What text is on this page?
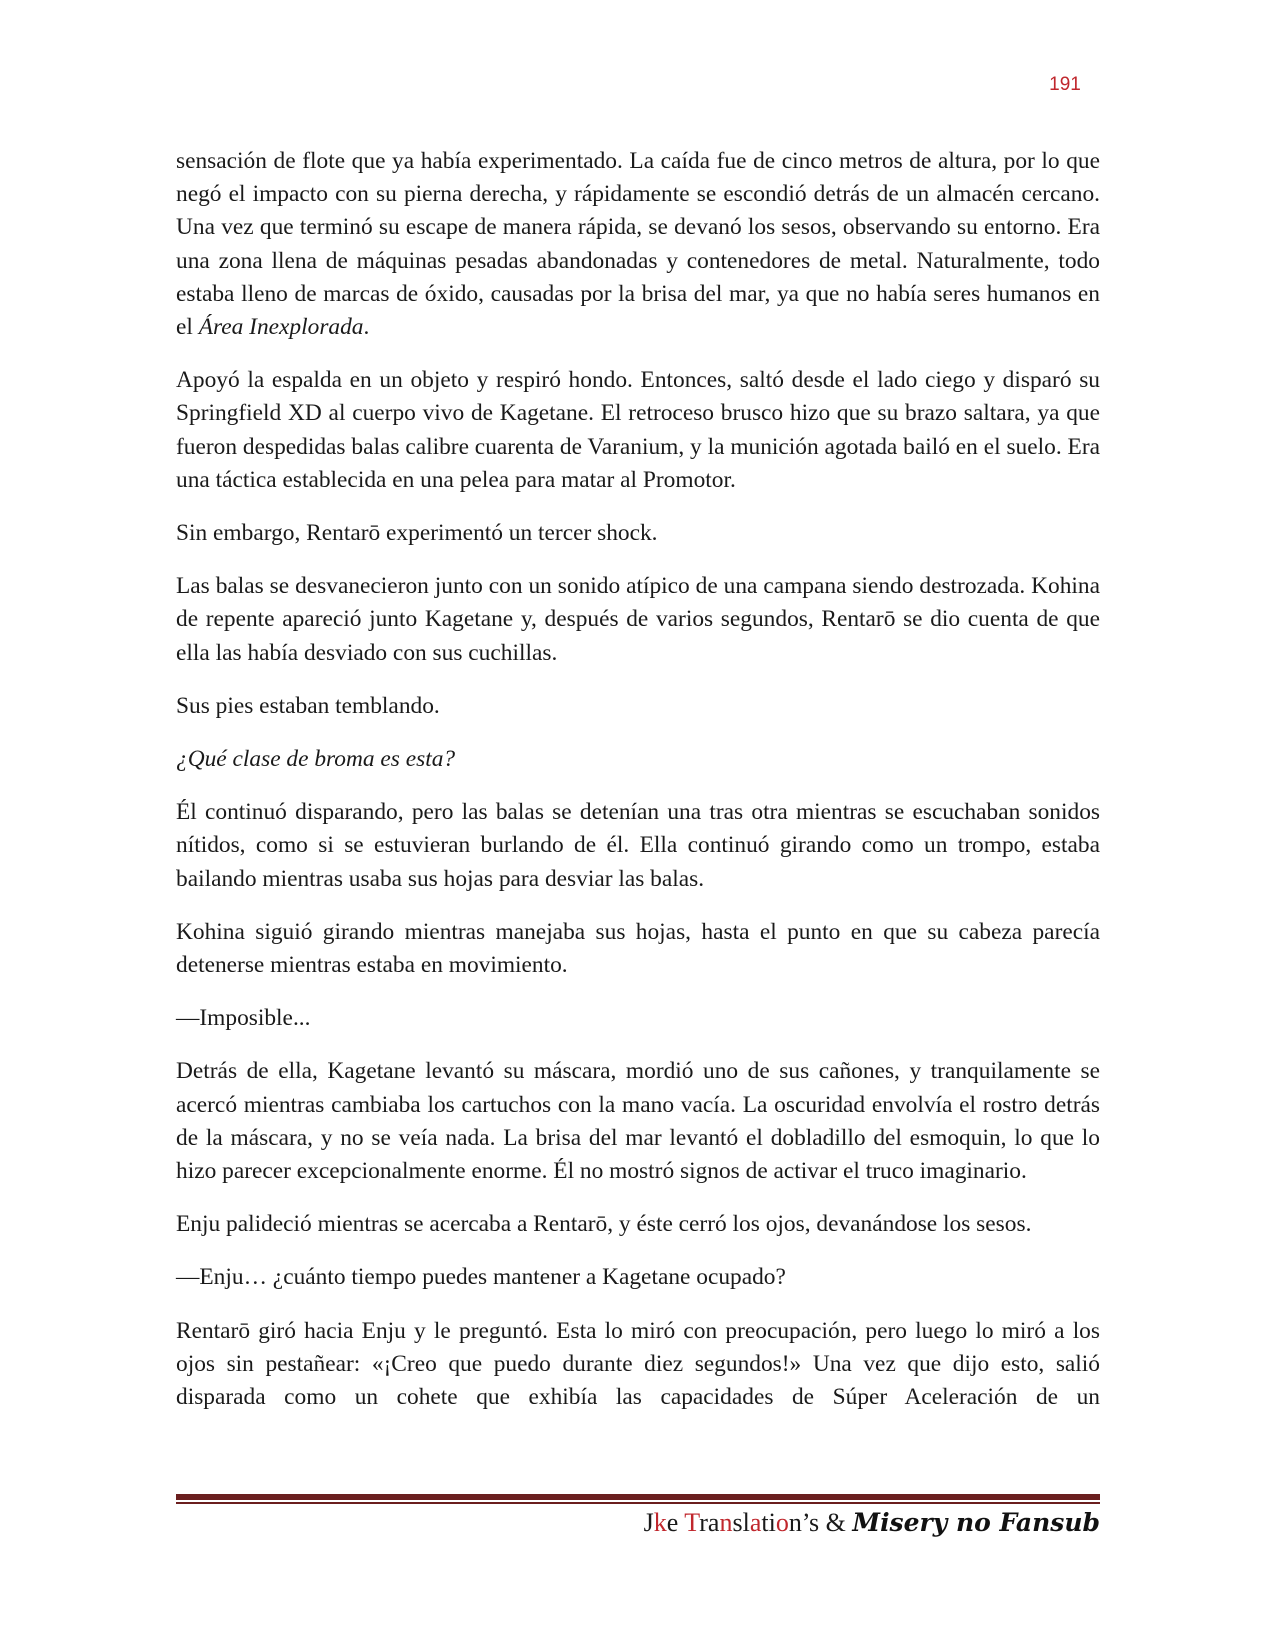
191

sensación de flote que ya había experimentado. La caída fue de cinco metros de altura, por lo que negó el impacto con su pierna derecha, y rápidamente se escondió detrás de un almacén cercano. Una vez que terminó su escape de manera rápida, se devanó los sesos, observando su entorno. Era una zona llena de máquinas pesadas abandonadas y contenedores de metal. Naturalmente, todo estaba lleno de marcas de óxido, causadas por la brisa del mar, ya que no había seres humanos en el Área Inexplorada.

Apoyó la espalda en un objeto y respiró hondo. Entonces, saltó desde el lado ciego y disparó su Springfield XD al cuerpo vivo de Kagetane. El retroceso brusco hizo que su brazo saltara, ya que fueron despedidas balas calibre cuarenta de Varanium, y la munición agotada bailó en el suelo. Era una táctica establecida en una pelea para matar al Promotor.

Sin embargo, Rentarō experimentó un tercer shock.

Las balas se desvanecieron junto con un sonido atípico de una campana siendo destrozada. Kohina de repente apareció junto Kagetane y, después de varios segundos, Rentarō se dio cuenta de que ella las había desviado con sus cuchillas.

Sus pies estaban temblando.

¿Qué clase de broma es esta?

Él continuó disparando, pero las balas se detenían una tras otra mientras se escuchaban sonidos nítidos, como si se estuvieran burlando de él. Ella continuó girando como un trompo, estaba bailando mientras usaba sus hojas para desviar las balas.

Kohina siguió girando mientras manejaba sus hojas, hasta el punto en que su cabeza parecía detenerse mientras estaba en movimiento.

—Imposible...

Detrás de ella, Kagetane levantó su máscara, mordió uno de sus cañones, y tranquilamente se acercó mientras cambiaba los cartuchos con la mano vacía. La oscuridad envolvía el rostro detrás de la máscara, y no se veía nada. La brisa del mar levantó el dobladillo del esmoquin, lo que lo hizo parecer excepcionalmente enorme. Él no mostró signos de activar el truco imaginario.

Enju palideció mientras se acercaba a Rentarō, y éste cerró los ojos, devanándose los sesos.

—Enju… ¿cuánto tiempo puedes mantener a Kagetane ocupado?

Rentarō giró hacia Enju y le preguntó. Esta lo miró con preocupación, pero luego lo miró a los ojos sin pestañear: «¡Creo que puedo durante diez segundos!» Una vez que dijo esto, salió disparada como un cohete que exhibía las capacidades de Súper Aceleración de un

Jke Translation’s & Misery no Fansub
